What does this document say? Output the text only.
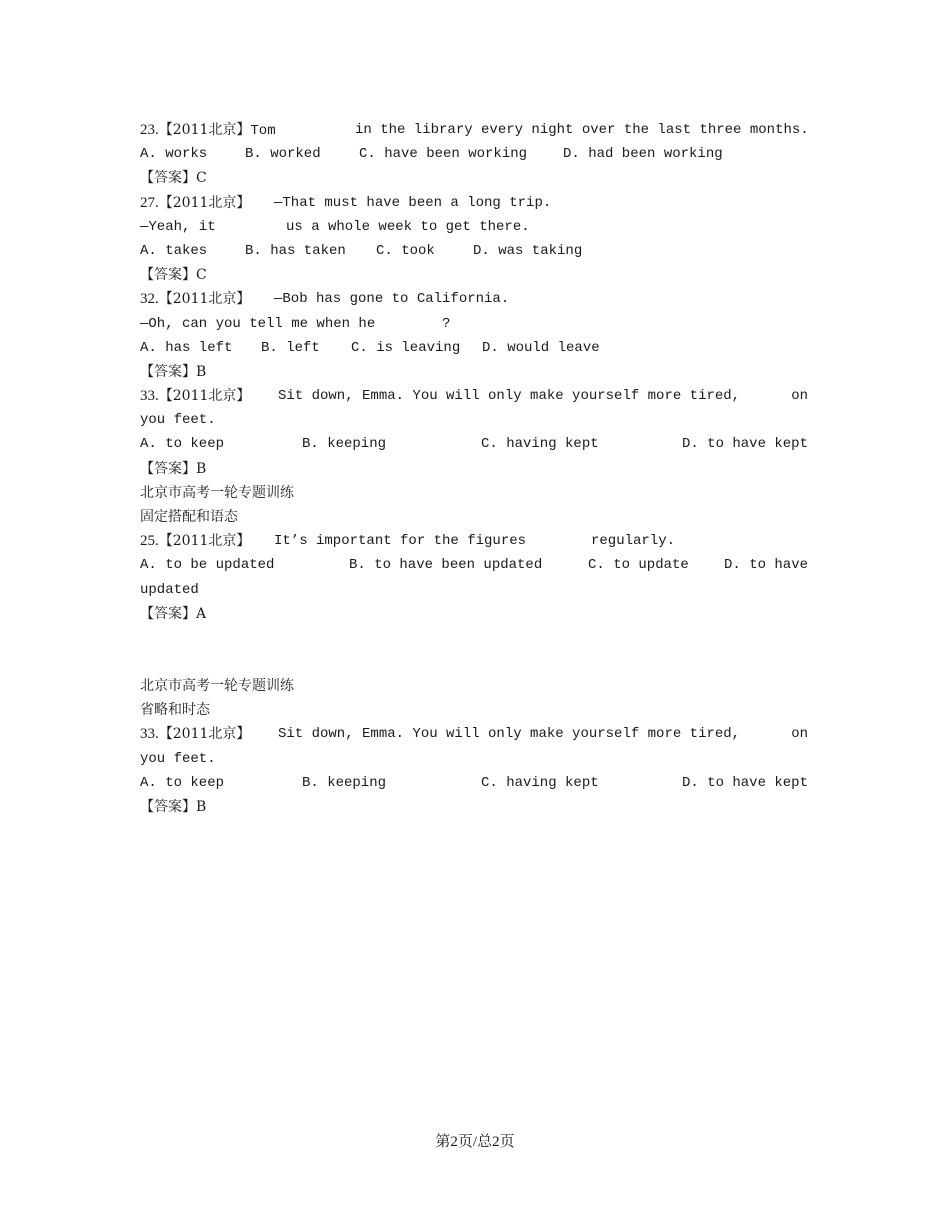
23.【2011北京】Tom	in the library every night over the last three months.
A. works	B. worked	C. have been working	D. had been working
【答案】C
27.【2011北京】 —That must have been a long trip.
—Yeah, it	us a whole week to get there.
A. takes	B. has taken C. took	D. was taking
【答案】C
32.【2011北京】 —Bob has gone to California.
—Oh, can you tell me when he	?
A. has left B. left C. is leaving D. would leave
【答案】B
33.【2011北京】 Sit down, Emma. You will only make yourself more tired,	on
you feet.
A. to keep	B. keeping	C. having kept	D. to have kept
【答案】B
北京市高考一轮专题训练
固定搭配和语态
25.【2011北京】 It’s important for the figures	regularly.
A. to be updated	B. to have been updated	C. to update	D. to have
updated
【答案】A
北京市高考一轮专题训练
省略和时态
33.【2011北京】 Sit down, Emma. You will only make yourself more tired,	on
you feet.
A. to keep	B. keeping	C. having kept	D. to have kept
【答案】B
第2页/总2页
